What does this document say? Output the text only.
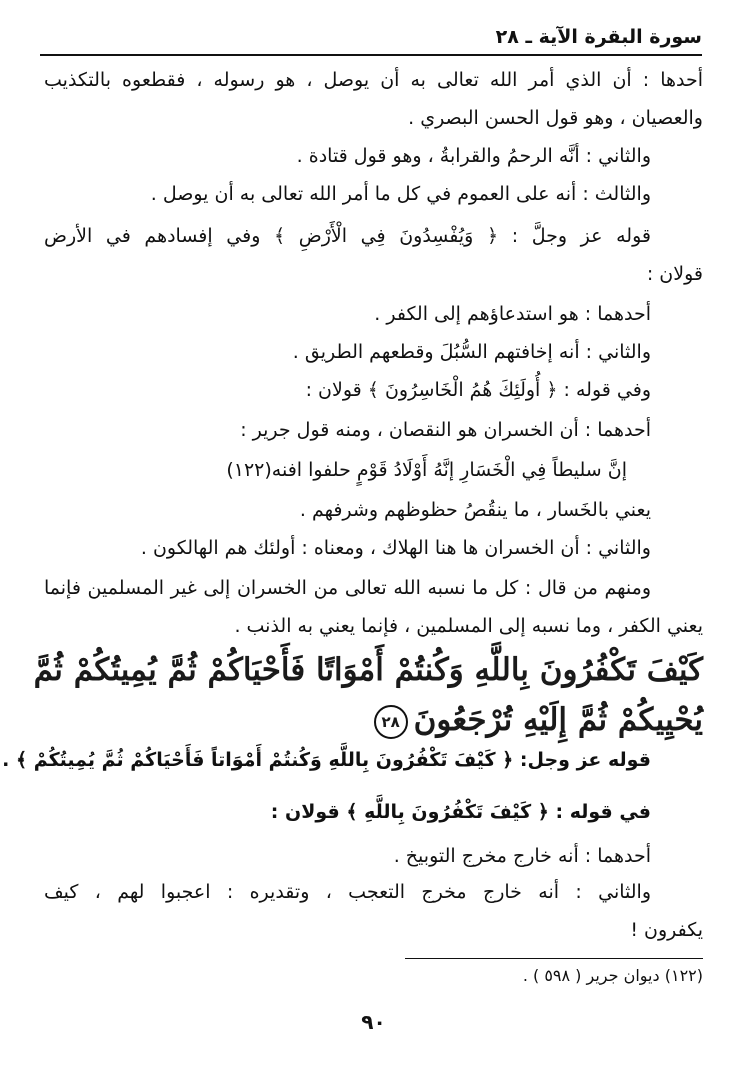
سورة البقرة الآية ـ ٢٨
أحدها : أن الذي أمر الله تعالى به أن يوصل ، هو رسوله ، فقطعوه بالتكذيب
والعصيان ، وهو قول الحسن البصري .
والثاني : أنَّه الرحمُ والقرابةُ ، وهو قول قتادة .
والثالث : أنه على العموم في كل ما أمر الله تعالى به أن يوصل .
قوله عز وجلَّ : ﴿ وَيُفْسِدُونَ فِي الْأَرْضِ ﴾ وفي إفسادهم في الأرض
قولان :
أحدهما : هو استدعاؤهم إلى الكفر .
والثاني : أنه إخافتهم السُّبُلَ وقطعهم الطريق .
وفي قوله : ﴿ أُولَئِكَ هُمُ الْخَاسِرُونَ ﴾ قولان :
أحدهما : أن الخسران هو النقصان ، ومنه قول جرير :
إنَّ سليطاً فِي الْخَسَارِ إنَّهُ أَوْلَادُ قَوْمٍ حلفوا افنه(١٢٢)
يعني بالخَسار ، ما ينقُصُ حظوظهم وشرفهم .
والثاني : أن الخسران ها هنا الهلاك ، ومعناه : أولئك هم الهالكون .
ومنهم من قال : كل ما نسبه الله تعالى من الخسران إلى غير المسلمين فإنما
يعني الكفر ، وما نسبه إلى المسلمين ، فإنما يعني به الذنب .
كَيْفَ تَكْفُرُونَ بِاللَّهِ وَكُنتُمْ أَمْوَاتًا فَأَحْيَاكُمْ ثُمَّ يُمِيتُكُمْ ثُمَّ
يُحْيِيكُمْ ثُمَّ إِلَيْهِ تُرْجَعُونَ٢٨
قوله عز وجل: ﴿ كَيْفَ تَكْفُرُونَ بِاللَّهِ وَكُنتُمْ أَمْوَاتاً فَأَحْيَاكُمْ ثُمَّ يُمِيتُكُمْ ﴾ .
في قوله : ﴿ كَيْفَ تَكْفُرُونَ بِاللَّهِ ﴾ قولان :
أحدهما : أنه خارج مخرج التوبيخ .
والثاني : أنه خارج مخرج التعجب ، وتقديره : اعجبوا لهم ، كيف
يكفرون !
(١٢٢) ديوان جرير ( ٥٩٨ ) .
٩٠
